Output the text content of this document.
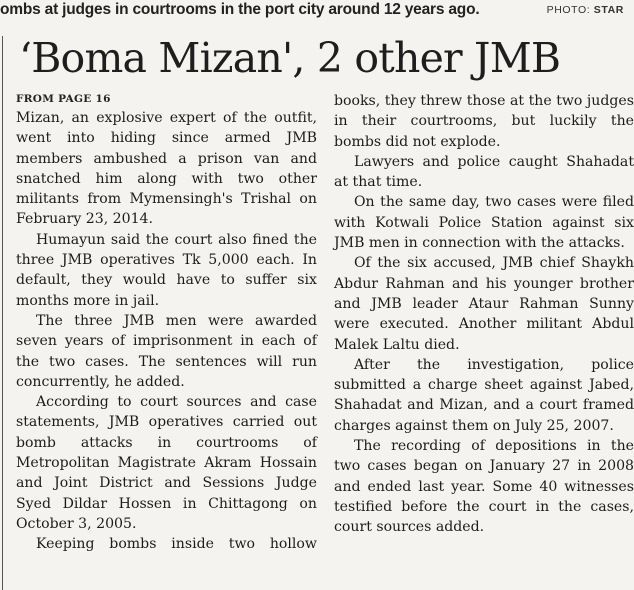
ombs at judges in courtrooms in the port city around 12 years ago.	PHOTO: STAR
‘Boma Mizan', 2 other JMB
FROM PAGE 16

Mizan, an explosive expert of the outfit, went into hiding since armed JMB members ambushed a prison van and snatched him along with two other militants from Mymensingh's Trishal on February 23, 2014.

Humayun said the court also fined the three JMB operatives Tk 5,000 each. In default, they would have to suffer six months more in jail.

The three JMB men were awarded seven years of imprisonment in each of the two cases. The sentences will run concurrently, he added.

According to court sources and case statements, JMB operatives carried out bomb attacks in courtrooms of Metropolitan Magistrate Akram Hossain and Joint District and Sessions Judge Syed Dildar Hossen in Chittagong on October 3, 2005.

Keeping bombs inside two hollow

books, they threw those at the two judges in their courtrooms, but luckily the bombs did not explode.

Lawyers and police caught Shahadat at that time.

On the same day, two cases were filed with Kotwali Police Station against six JMB men in connection with the attacks.

Of the six accused, JMB chief Shaykh Abdur Rahman and his younger brother and JMB leader Ataur Rahman Sunny were executed. Another militant Abdul Malek Laltu died.

After the investigation, police submitted a charge sheet against Jabed, Shahadat and Mizan, and a court framed charges against them on July 25, 2007.

The recording of depositions in the two cases began on January 27 in 2008 and ended last year. Some 40 witnesses testified before the court in the cases, court sources added.
